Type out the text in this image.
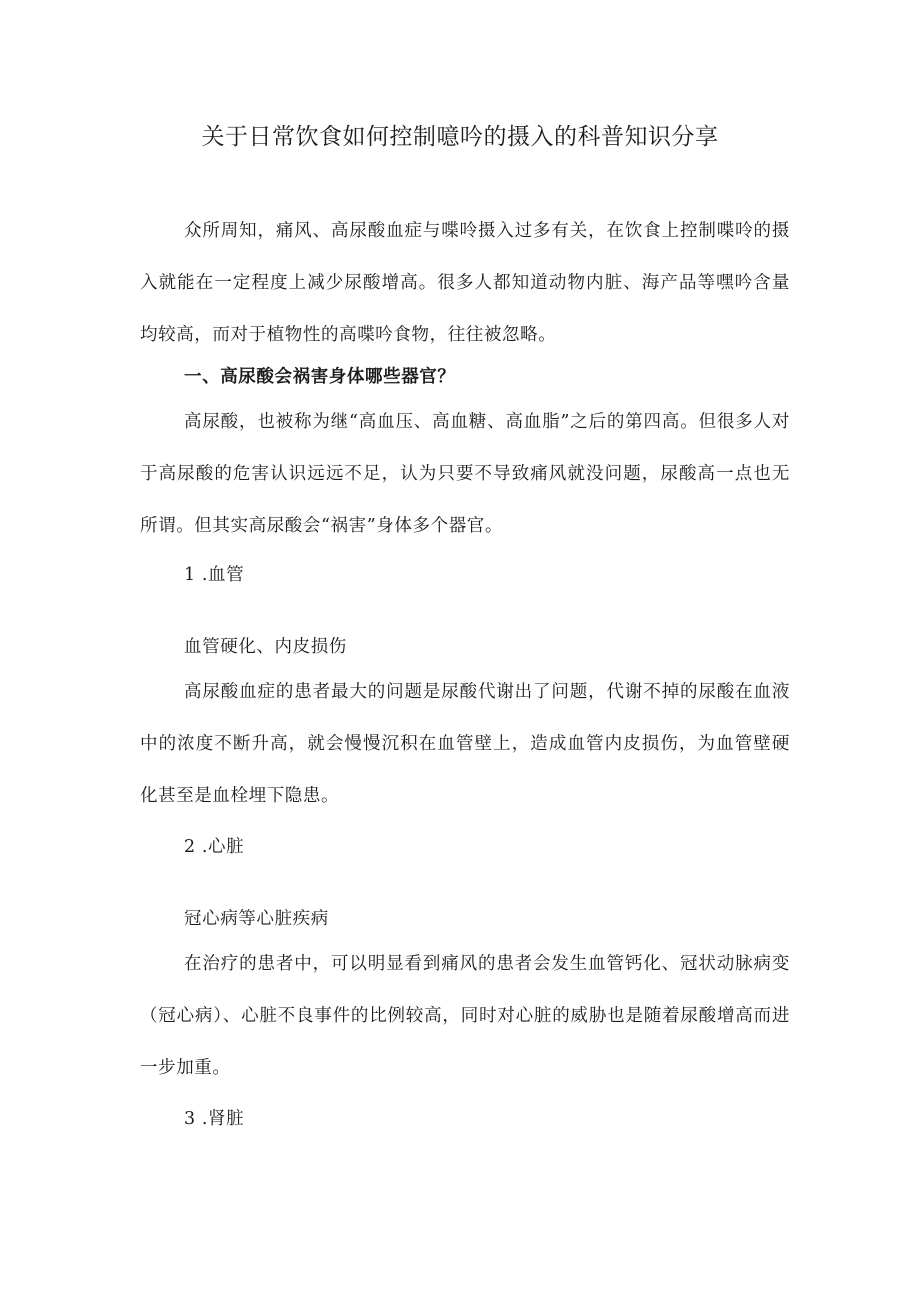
关于日常饮食如何控制噫吟的摄入的科普知识分享

众所周知，痛风、高尿酸血症与喋呤摄入过多有关，在饮食上控制喋呤的摄入就能在一定程度上减少尿酸增高。很多人都知道动物内脏、海产品等嘿吟含量均较高，而对于植物性的高喋吟食物，往往被忽略。

一、高尿酸会祸害身体哪些器官？

高尿酸，也被称为继“高血压、高血糖、高血脂”之后的第四高。但很多人对于高尿酸的危害认识远远不足，认为只要不导致痛风就没问题，尿酸高一点也无所谓。但其实高尿酸会“祸害”身体多个器官。

1 .血管
血管硬化、内皮损伤

高尿酸血症的患者最大的问题是尿酸代谢出了问题，代谢不掉的尿酸在血液中的浓度不断升高，就会慢慢沉积在血管壁上，造成血管内皮损伤，为血管壁硬化甚至是血栓埋下隐患。

2 .心脏
冠心病等心脏疾病

在治疗的患者中，可以明显看到痛风的患者会发生血管钙化、冠状动脉病变（冠心病）、心脏不良事件的比例较高，同时对心脏的威胁也是随着尿酸增高而进一步加重。

3 .肾脏
